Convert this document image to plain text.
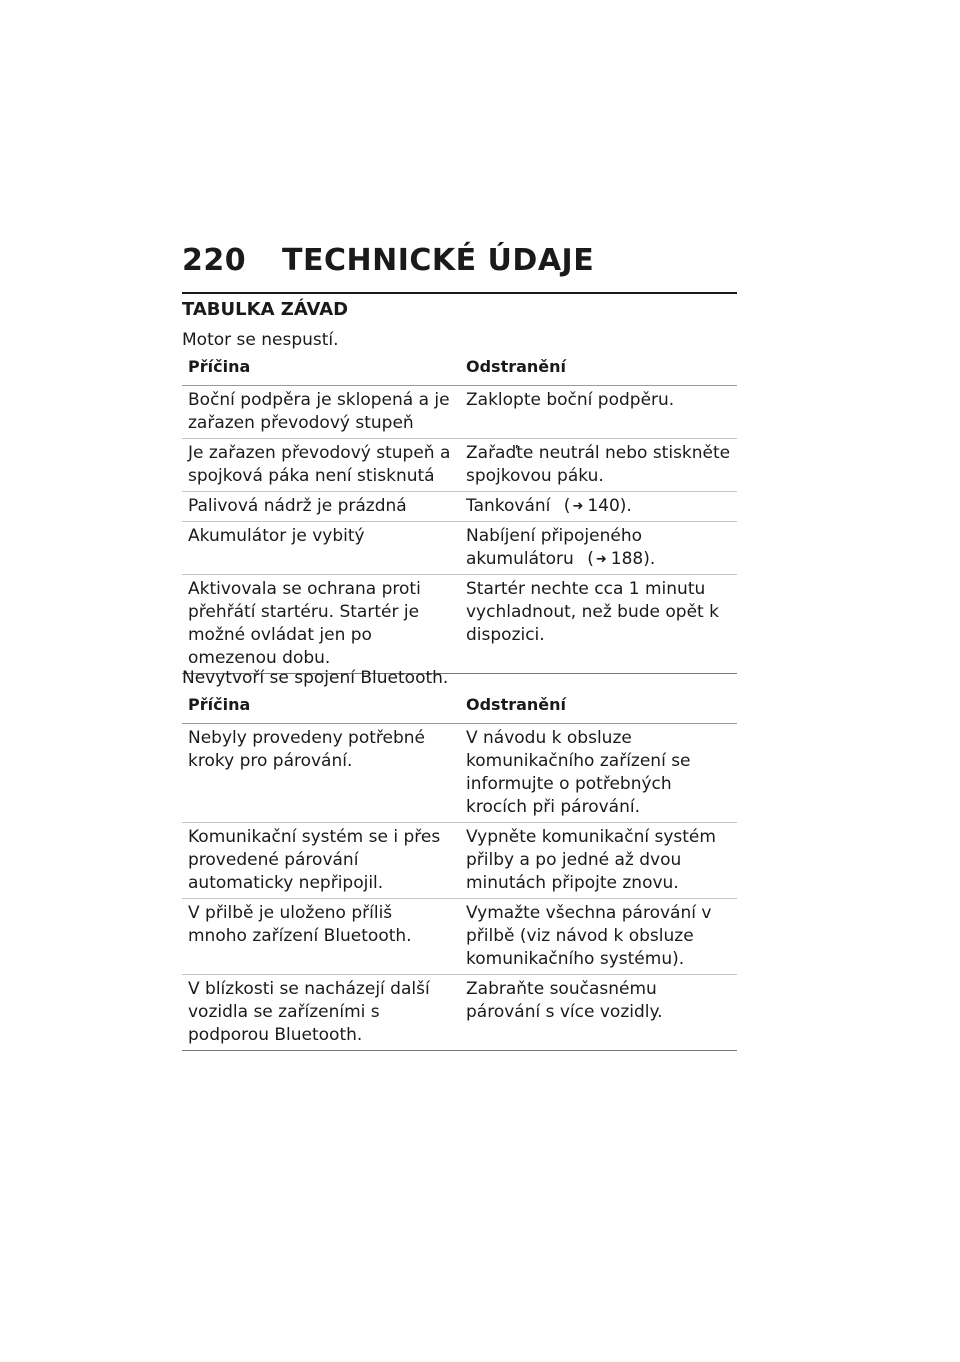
220	TECHNICKÉ ÚDAJE
TABULKA ZÁVAD

Motor se nespustí.

Příčina	Odstranění
Boční podpěra je sklopená a je zařazen převodový stupeň	Zaklopte boční podpěru.
Je zařazen převodový stupeň a spojková páka není stisknutá	Zařaďte neutrál nebo stiskněte spojkovou páku.
Palivová nádrž je prázdná	Tankování ( ➜ 140).
Akumulátor je vybitý	Nabíjení připojeného akumulátoru ( ➜ 188).
Aktivovala se ochrana proti přehřátí startéru. Startér je možné ovládat jen po omezenou dobu.	Startér nechte cca 1 minutu vychladnout, než bude opět k dispozici.

Nevytvoří se spojení Bluetooth.

Příčina	Odstranění
Nebyly provedeny potřebné kroky pro párování.	V návodu k obsluze komunikačního zařízení se informujte o potřebných krocích při párování.
Komunikační systém se i přes provedené párování automaticky nepřipojil.	Vypněte komunikační systém přilby a po jedné až dvou minutách připojte znovu.
V přilbě je uloženo příliš mnoho zařízení Bluetooth.	Vymažte všechna párování v přilbě (viz návod k obsluze komunikačního systému).
V blízkosti se nacházejí další vozidla se zařízeními s podporou Bluetooth.	Zabraňte současnému párování s více vozidly.
